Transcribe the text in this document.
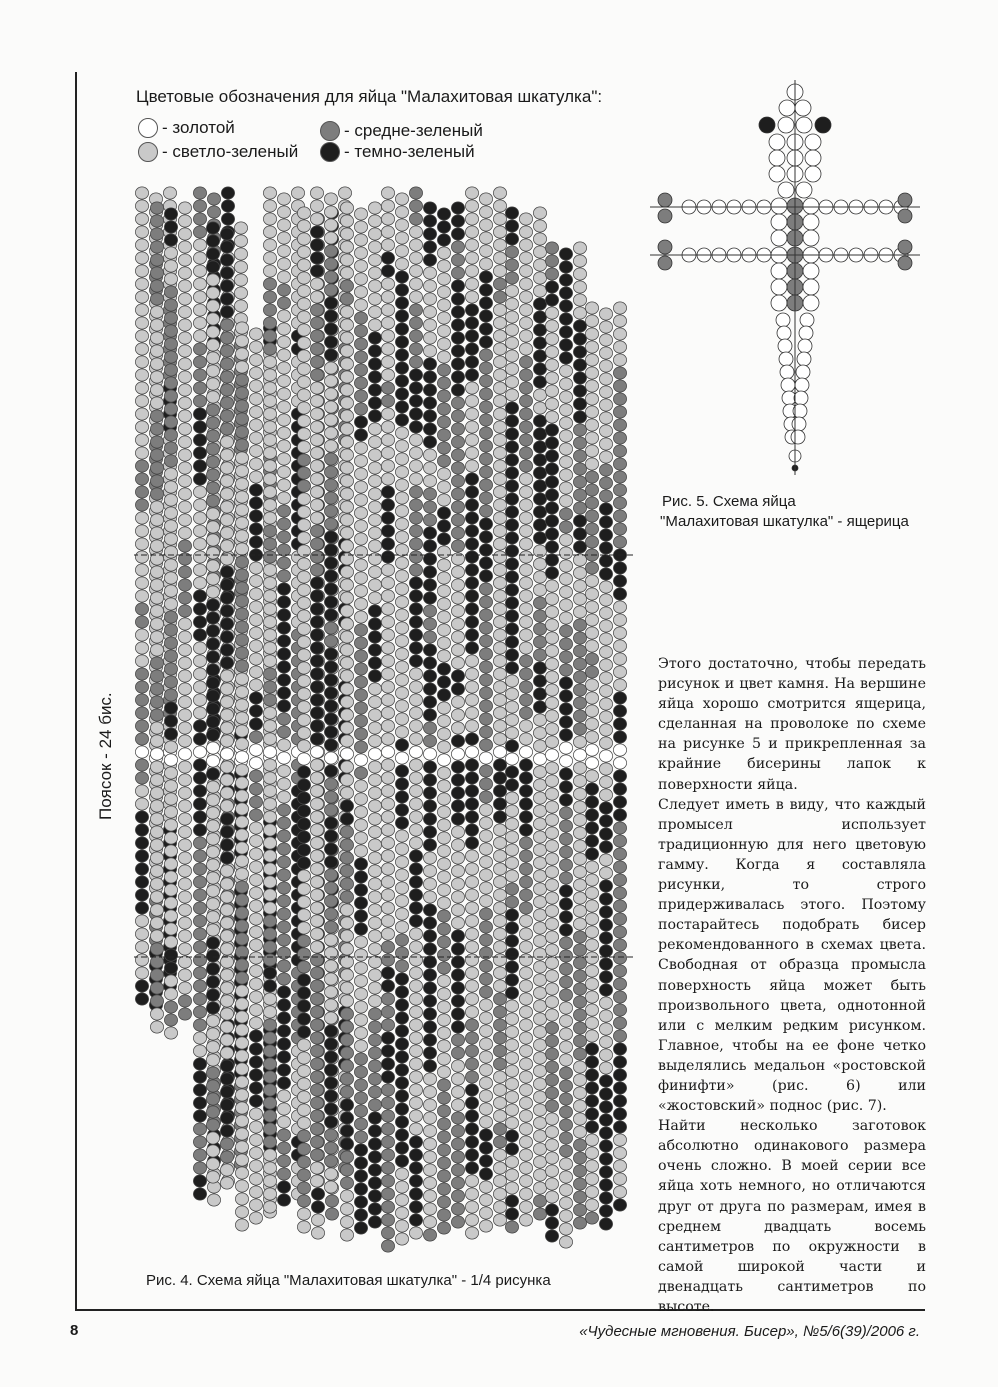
Цветовые обозначения для яйца "Малахитовая шкатулка":
- золотой	- средне-зеленый
- светло-зеленый	- темно-зеленый
Поясок - 24 бис.
Рис. 4. Схема яйца "Малахитовая шкатулка" - 1/4 рисунка
Рис. 5. Схема яйца
"Малахитовая шкатулка" - ящерица

Этого достаточно, чтобы передать рисунок и цвет камня. На вершине яйца хорошо смотрится ящерица, сделанная на проволоке по схеме на рисунке 5 и прикрепленная за крайние бисерины лапок к поверхности яйца.

Следует иметь в виду, что каждый промысел использует традиционную для него цветовую гамму. Когда я составляла рисунки, то строго придерживалась этого. Поэтому постарайтесь подобрать бисер рекомендованного в схемах цвета. Свободная от образца промысла поверхность яйца может быть произвольного цвета, однотонной или с мелким редким рисунком. Главное, чтобы на ее фоне четко выделялись медальон «ростовской финифти» (рис. 6) или «жостовский» поднос (рис. 7).

Найти несколько заготовок абсолютно одинакового размера очень сложно. В моей серии все яйца хоть немного, но отличаются друг от друга по размерам, имея в среднем двадцать восемь сантиметров по окружности в самой широкой части и двенадцать сантиметров по высоте.

8	«Чудесные мгновения. Бисер», №5/6(39)/2006 г.
